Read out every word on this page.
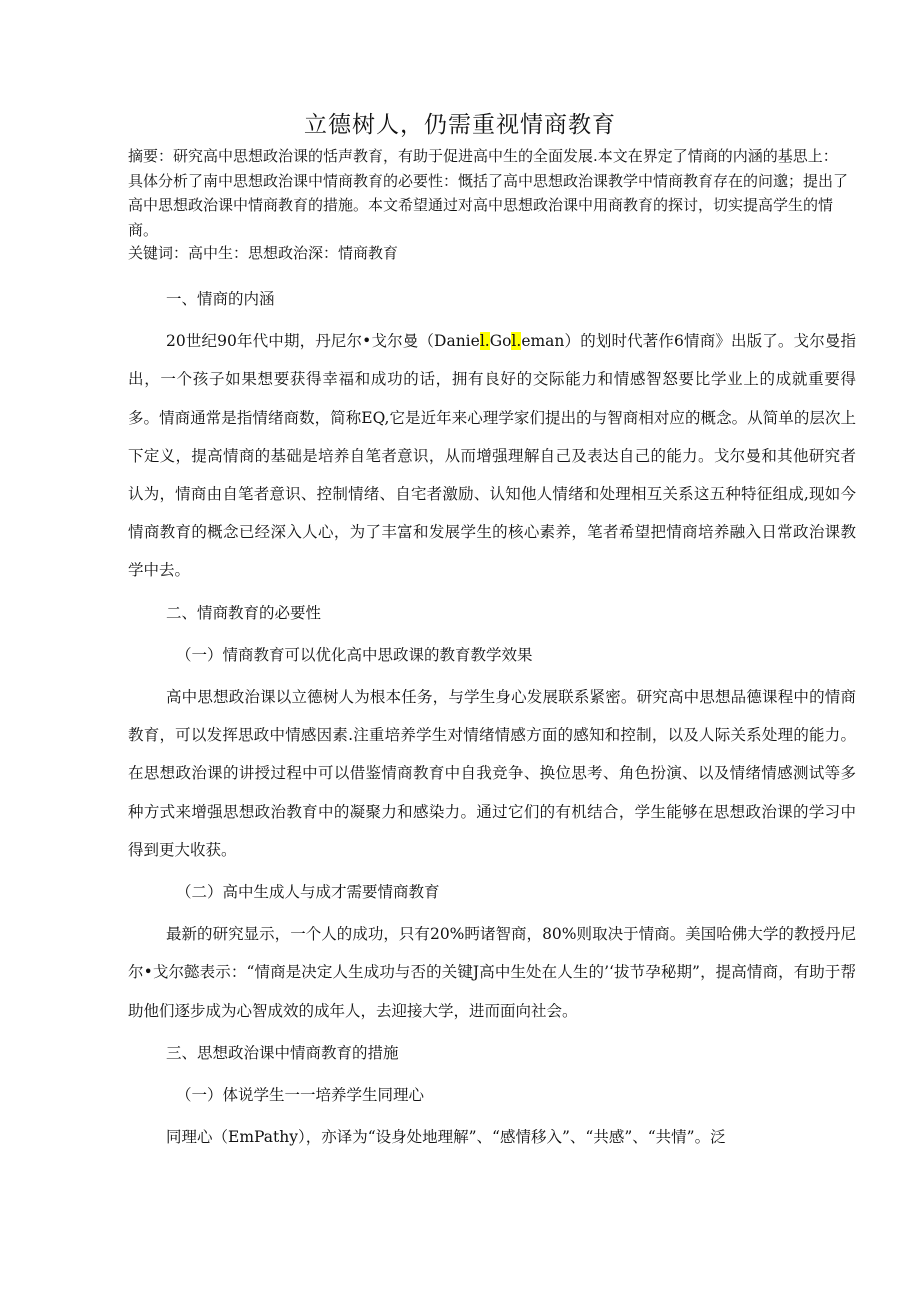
立德树人，仍需重视情商教育

摘要：研究高中思想政治课的恬声教育，有助于促进高中生的全面发展.本文在界定了情商的内涵的基思上：具体分析了南中思想政治课中情商教育的必要性：慨括了高中思想政治课教学中情商教育存在的问邈；提出了高中思想政治课中情商教育的措施。本文希望通过对高中思想政治课中用商教育的探讨，切实提高学生的情商。

关键词：高中生：思想政治深：情商教育

一、情商的内涵

20世纪90年代中期，丹尼尔•戈尔曼（Daniel.Gol.eman）的划时代著作6情商》出版了。戈尔曼指出，一个孩子如果想要获得幸福和成功的话，拥有良好的交际能力和情感智怒要比学业上的成就重要得多。情商通常是指情绪商数，简称EQ,它是近年来心理学家们提出的与智商相对应的概念。从简单的层次上下定义，提高情商的基础是培养自笔者意识，从而增强理解自己及表达自己的能力。戈尔曼和其他研究者认为，情商由自笔者意识、控制情绪、自宅者激励、认知他人情绪和处理相互关系这五种特征组成,现如今情商教育的概念已经深入人心，为了丰富和发展学生的核心素养，笔者希望把情商培养融入日常政治课教学中去。

二、情商教育的必要性

（一）情商教育可以优化高中思政课的教育教学效果

高中思想政治课以立德树人为根本任务，与学生身心发展联系紧密。研究高中思想品德课程中的情商教育，可以发挥思政中情感因素.注重培养学生对情绪情感方面的感知和控制，以及人际关系处理的能力。在思想政治课的讲授过程中可以借鉴情商教育中自我竞争、换位思考、角色扮演、以及情绪情感测试等多种方式来增强思想政治教育中的凝聚力和感染力。通过它们的有机结合，学生能够在思想政治课的学习中得到更大收获。

（二）高中生成人与成才需要情商教育

最新的研究显示，一个人的成功，只有20%眄诸智商，80%则取决于情商。美国哈佛大学的教授丹尼尔•戈尔懿表示：“情商是决定人生成功与否的关键J高中生处在人生的’‘拔节孕秘期”，提高情商，有助于帮助他们逐步成为心智成效的成年人，去迎接大学，进而面向社会。

三、思想政治课中情商教育的措施

（一）体说学生一一培养学生同理心

同理心（EmPathy），亦译为“设身处地理解”、“感情移入”、“共感”、“共情”。泛
